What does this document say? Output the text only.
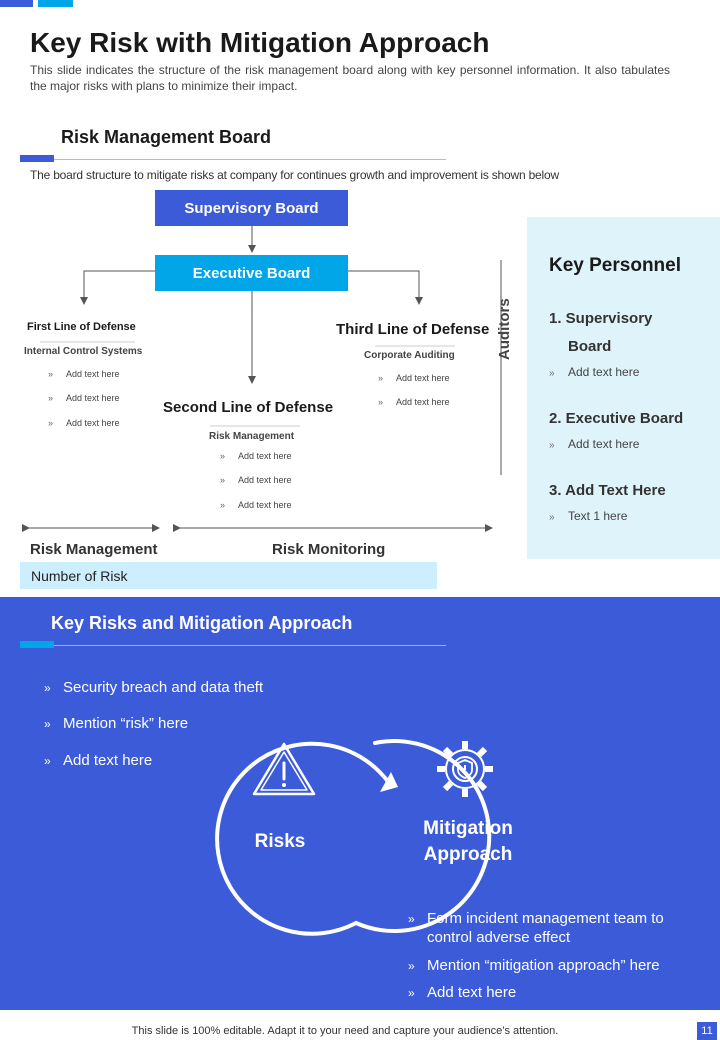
Key Risk with Mitigation Approach
This slide indicates the structure of the risk management board along with key personnel information. It also tabulates the major risks with plans to minimize their impact.
Risk Management Board
The board structure to mitigate risks at company for continues growth and improvement is shown below
Supervisory Board
Executive Board
First Line of Defense
Internal Control Systems
» Add text here
» Add text here
» Add text here
Third Line of Defense
Corporate Auditing
» Add text here
» Add text here
Second Line of Defense
Risk Management
» Add text here
» Add text here
» Add text here
Auditors
Key Personnel
1. Supervisory
Board
» Add text here
2. Executive Board
» Add text here
3. Add Text Here
» Text 1 here
Risk Management	Risk Monitoring
Number of Risk
Key Risks and Mitigation Approach
» Security breach and data theft
» Mention “risk” here
» Add text here
Risks
Mitigation
Approach
» Form incident management team to
control adverse effect
» Mention “mitigation approach” here
» Add text here
This slide is 100% editable. Adapt it to your need and capture your audience’s attention.	11
